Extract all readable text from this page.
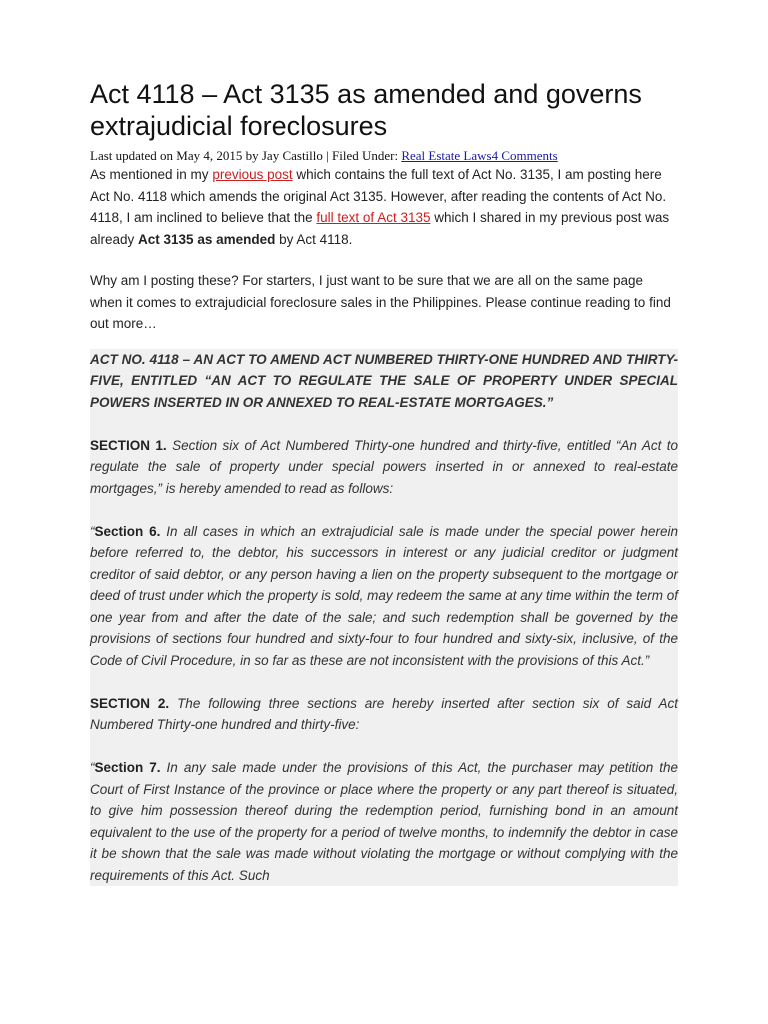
Act 4118 – Act 3135 as amended and governs extrajudicial foreclosures

Last updated on May 4, 2015 by Jay Castillo | Filed Under: Real Estate Laws4 Comments

As mentioned in my previous post which contains the full text of Act No. 3135, I am posting here Act No. 4118 which amends the original Act 3135. However, after reading the contents of Act No. 4118, I am inclined to believe that the full text of Act 3135 which I shared in my previous post was already Act 3135 as amended by Act 4118.

Why am I posting these? For starters, I just want to be sure that we are all on the same page when it comes to extrajudicial foreclosure sales in the Philippines. Please continue reading to find out more…

ACT NO. 4118 – AN ACT TO AMEND ACT NUMBERED THIRTY-ONE HUNDRED AND THIRTY-FIVE, ENTITLED “AN ACT TO REGULATE THE SALE OF PROPERTY UNDER SPECIAL POWERS INSERTED IN OR ANNEXED TO REAL-ESTATE MORTGAGES.”

SECTION 1. Section six of Act Numbered Thirty-one hundred and thirty-five, entitled “An Act to regulate the sale of property under special powers inserted in or annexed to real-estate mortgages,” is hereby amended to read as follows:

“Section 6. In all cases in which an extrajudicial sale is made under the special power herein before referred to, the debtor, his successors in interest or any judicial creditor or judgment creditor of said debtor, or any person having a lien on the property subsequent to the mortgage or deed of trust under which the property is sold, may redeem the same at any time within the term of one year from and after the date of the sale; and such redemption shall be governed by the provisions of sections four hundred and sixty-four to four hundred and sixty-six, inclusive, of the Code of Civil Procedure, in so far as these are not inconsistent with the provisions of this Act.”

SECTION 2. The following three sections are hereby inserted after section six of said Act Numbered Thirty-one hundred and thirty-five:

“Section 7. In any sale made under the provisions of this Act, the purchaser may petition the Court of First Instance of the province or place where the property or any part thereof is situated, to give him possession thereof during the redemption period, furnishing bond in an amount equivalent to the use of the property for a period of twelve months, to indemnify the debtor in case it be shown that the sale was made without violating the mortgage or without complying with the requirements of this Act. Such
